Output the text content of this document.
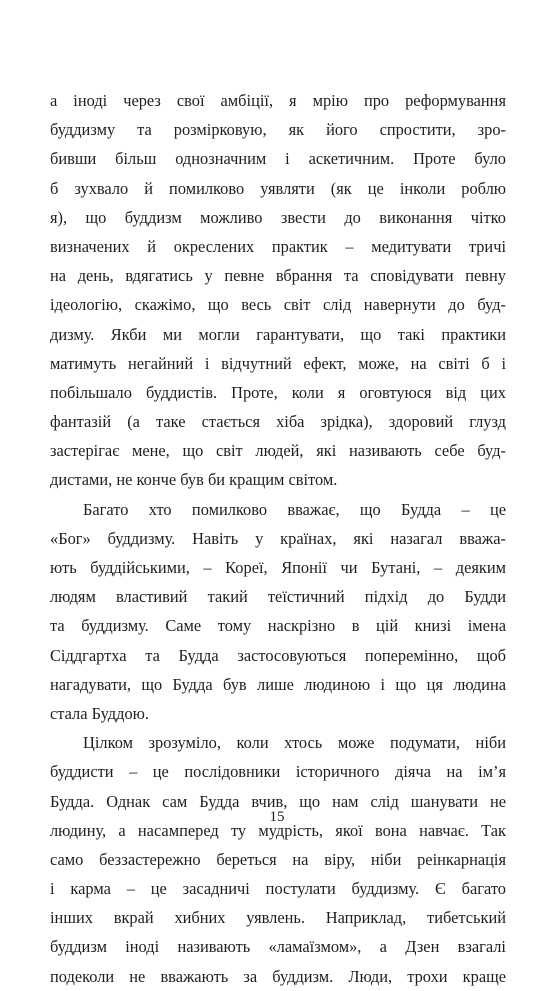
а іноді через свої амбіції, я мрію про реформування
буддизму та розмірковую, як його спростити, зро-
бивши більш однозначним і аскетичним. Проте було
б зухвало й помилково уявляти (як це інколи роблю
я), що буддизм можливо звести до виконання чітко
визначених й окреслених практик – медитувати тричі
на день, вдягатись у певне вбрання та сповідувати певну
ідеологію, скажімо, що весь світ слід навернути до буд-
дизму. Якби ми могли гарантувати, що такі практики
матимуть негайний і відчутний ефект, може, на світі б і
побільшало буддистів. Проте, коли я оговтуюся від цих
фантазій (а таке стається хіба зрідка), здоровий глузд
застерігає мене, що світ людей, які називають себе буд-
дистами, не конче був би кращим світом.
Багато хто помилково вважає, що Будда – це
«Бог» буддизму. Навіть у країнах, які назагал вважа-
ють буддійськими, – Кореї, Японії чи Бутані, – деяким
людям властивий такий теїстичний підхід до Будди
та буддизму. Саме тому наскрізно в цій книзі імена
Сіддгартха та Будда застосовуються поперемінно, щоб
нагадувати, що Будда був лише людиною і що ця людина
стала Буддою.
Цілком зрозуміло, коли хтось може подумати, ніби
буддисти – це послідовники історичного діяча на ім’я
Будда. Однак сам Будда вчив, що нам слід шанувати не
людину, а насамперед ту мудрість, якої вона навчає. Так
само беззастережно береться на віру, ніби реінкарнація
і карма – це засадничі постулати буддизму. Є багато
інших вкрай хибних уявлень. Наприклад, тибетський
буддизм іноді називають «ламаїзмом», а Дзен взагалі
подеколи не вважають за буддизм. Люди, трохи краще
15
